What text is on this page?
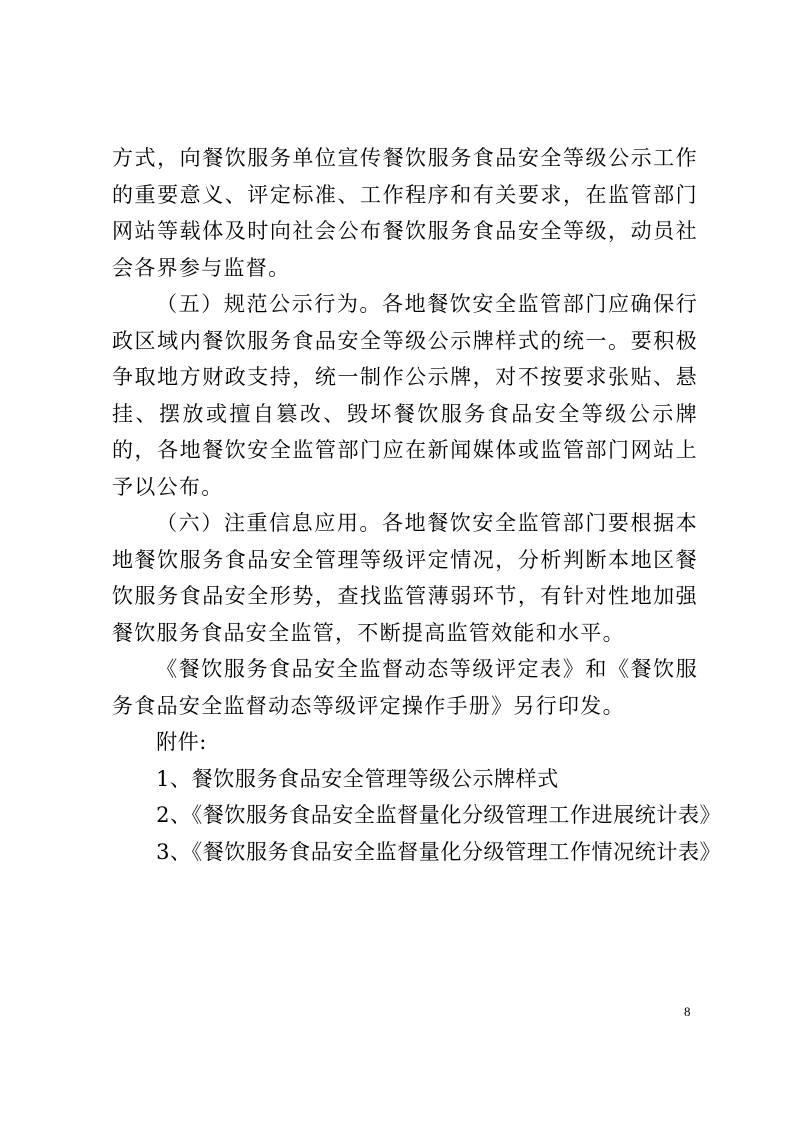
方式，向餐饮服务单位宣传餐饮服务食品安全等级公示工作的重要意义、评定标准、工作程序和有关要求，在监管部门网站等载体及时向社会公布餐饮服务食品安全等级，动员社会各界参与监督。

（五）规范公示行为。各地餐饮安全监管部门应确保行政区域内餐饮服务食品安全等级公示牌样式的统一。要积极争取地方财政支持，统一制作公示牌，对不按要求张贴、悬挂、摆放或擅自篡改、毁坏餐饮服务食品安全等级公示牌的，各地餐饮安全监管部门应在新闻媒体或监管部门网站上予以公布。

（六）注重信息应用。各地餐饮安全监管部门要根据本地餐饮服务食品安全管理等级评定情况，分析判断本地区餐饮服务食品安全形势，查找监管薄弱环节，有针对性地加强餐饮服务食品安全监管，不断提高监管效能和水平。

《餐饮服务食品安全监督动态等级评定表》和《餐饮服务食品安全监督动态等级评定操作手册》另行印发。

附件:

1、餐饮服务食品安全管理等级公示牌样式

2、《餐饮服务食品安全监督量化分级管理工作进展统计表》

3、《餐饮服务食品安全监督量化分级管理工作情况统计表》

8
